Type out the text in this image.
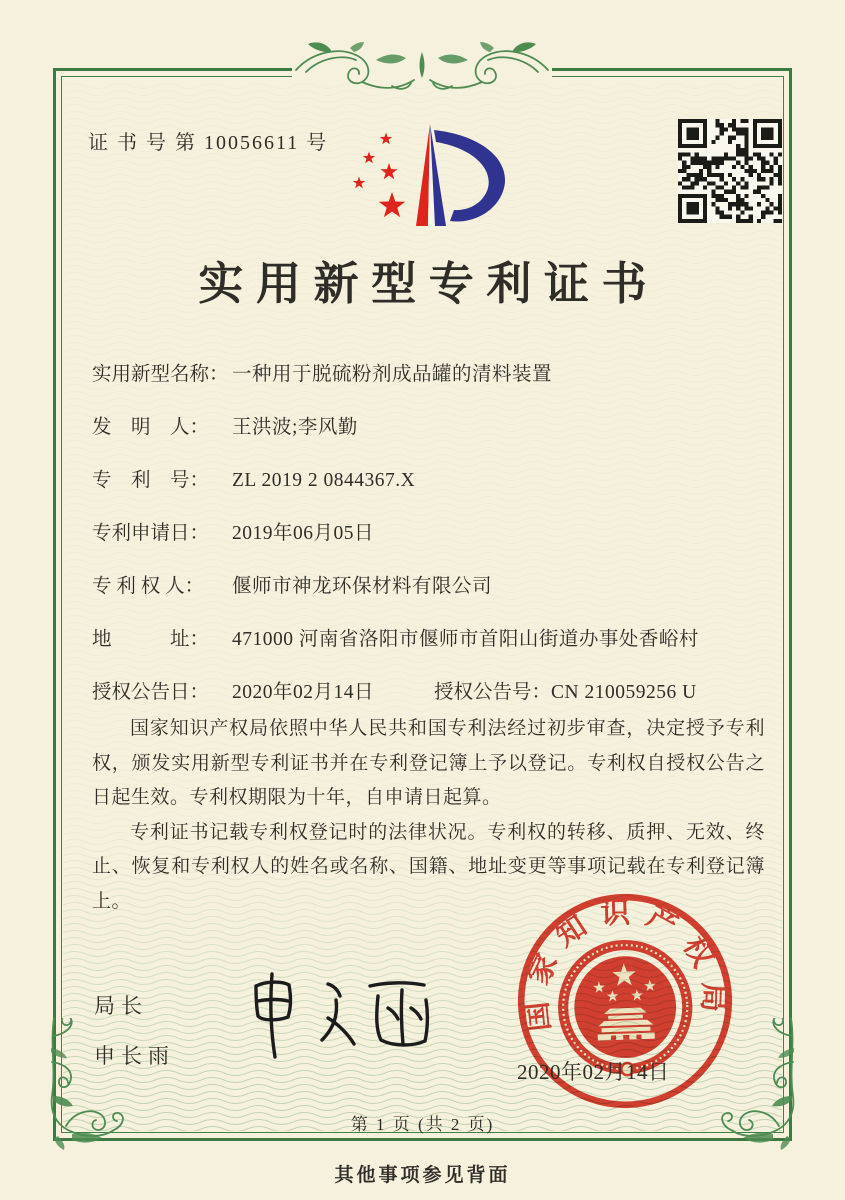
证 书 号 第 10056611 号
实用新型专利证书
实用新型名称： 一种用于脱硫粉剂成品罐的清料装置
发　明　人：	王洪波;李风勤
专　利　号：	ZL 2019 2 0844367.X
专利申请日：	2019年06月05日
专 利 权 人：	偃师市神龙环保材料有限公司
地　　　址：	471000 河南省洛阳市偃师市首阳山街道办事处香峪村
授权公告日：	2020年02月14日	授权公告号： CN 210059256 U

国家知识产权局依照中华人民共和国专利法经过初步审查，决定授予专利权，颁发实用新型专利证书并在专利登记簿上予以登记。专利权自授权公告之日起生效。专利权期限为十年，自申请日起算。

专利证书记载专利权登记时的法律状况。专利权的转移、质押、无效、终止、恢复和专利权人的姓名或名称、国籍、地址变更等事项记载在专利登记簿上。

局长
申长雨
国家知识产权局
2020年02月14日
第 1 页 (共 2 页)
其他事项参见背面
